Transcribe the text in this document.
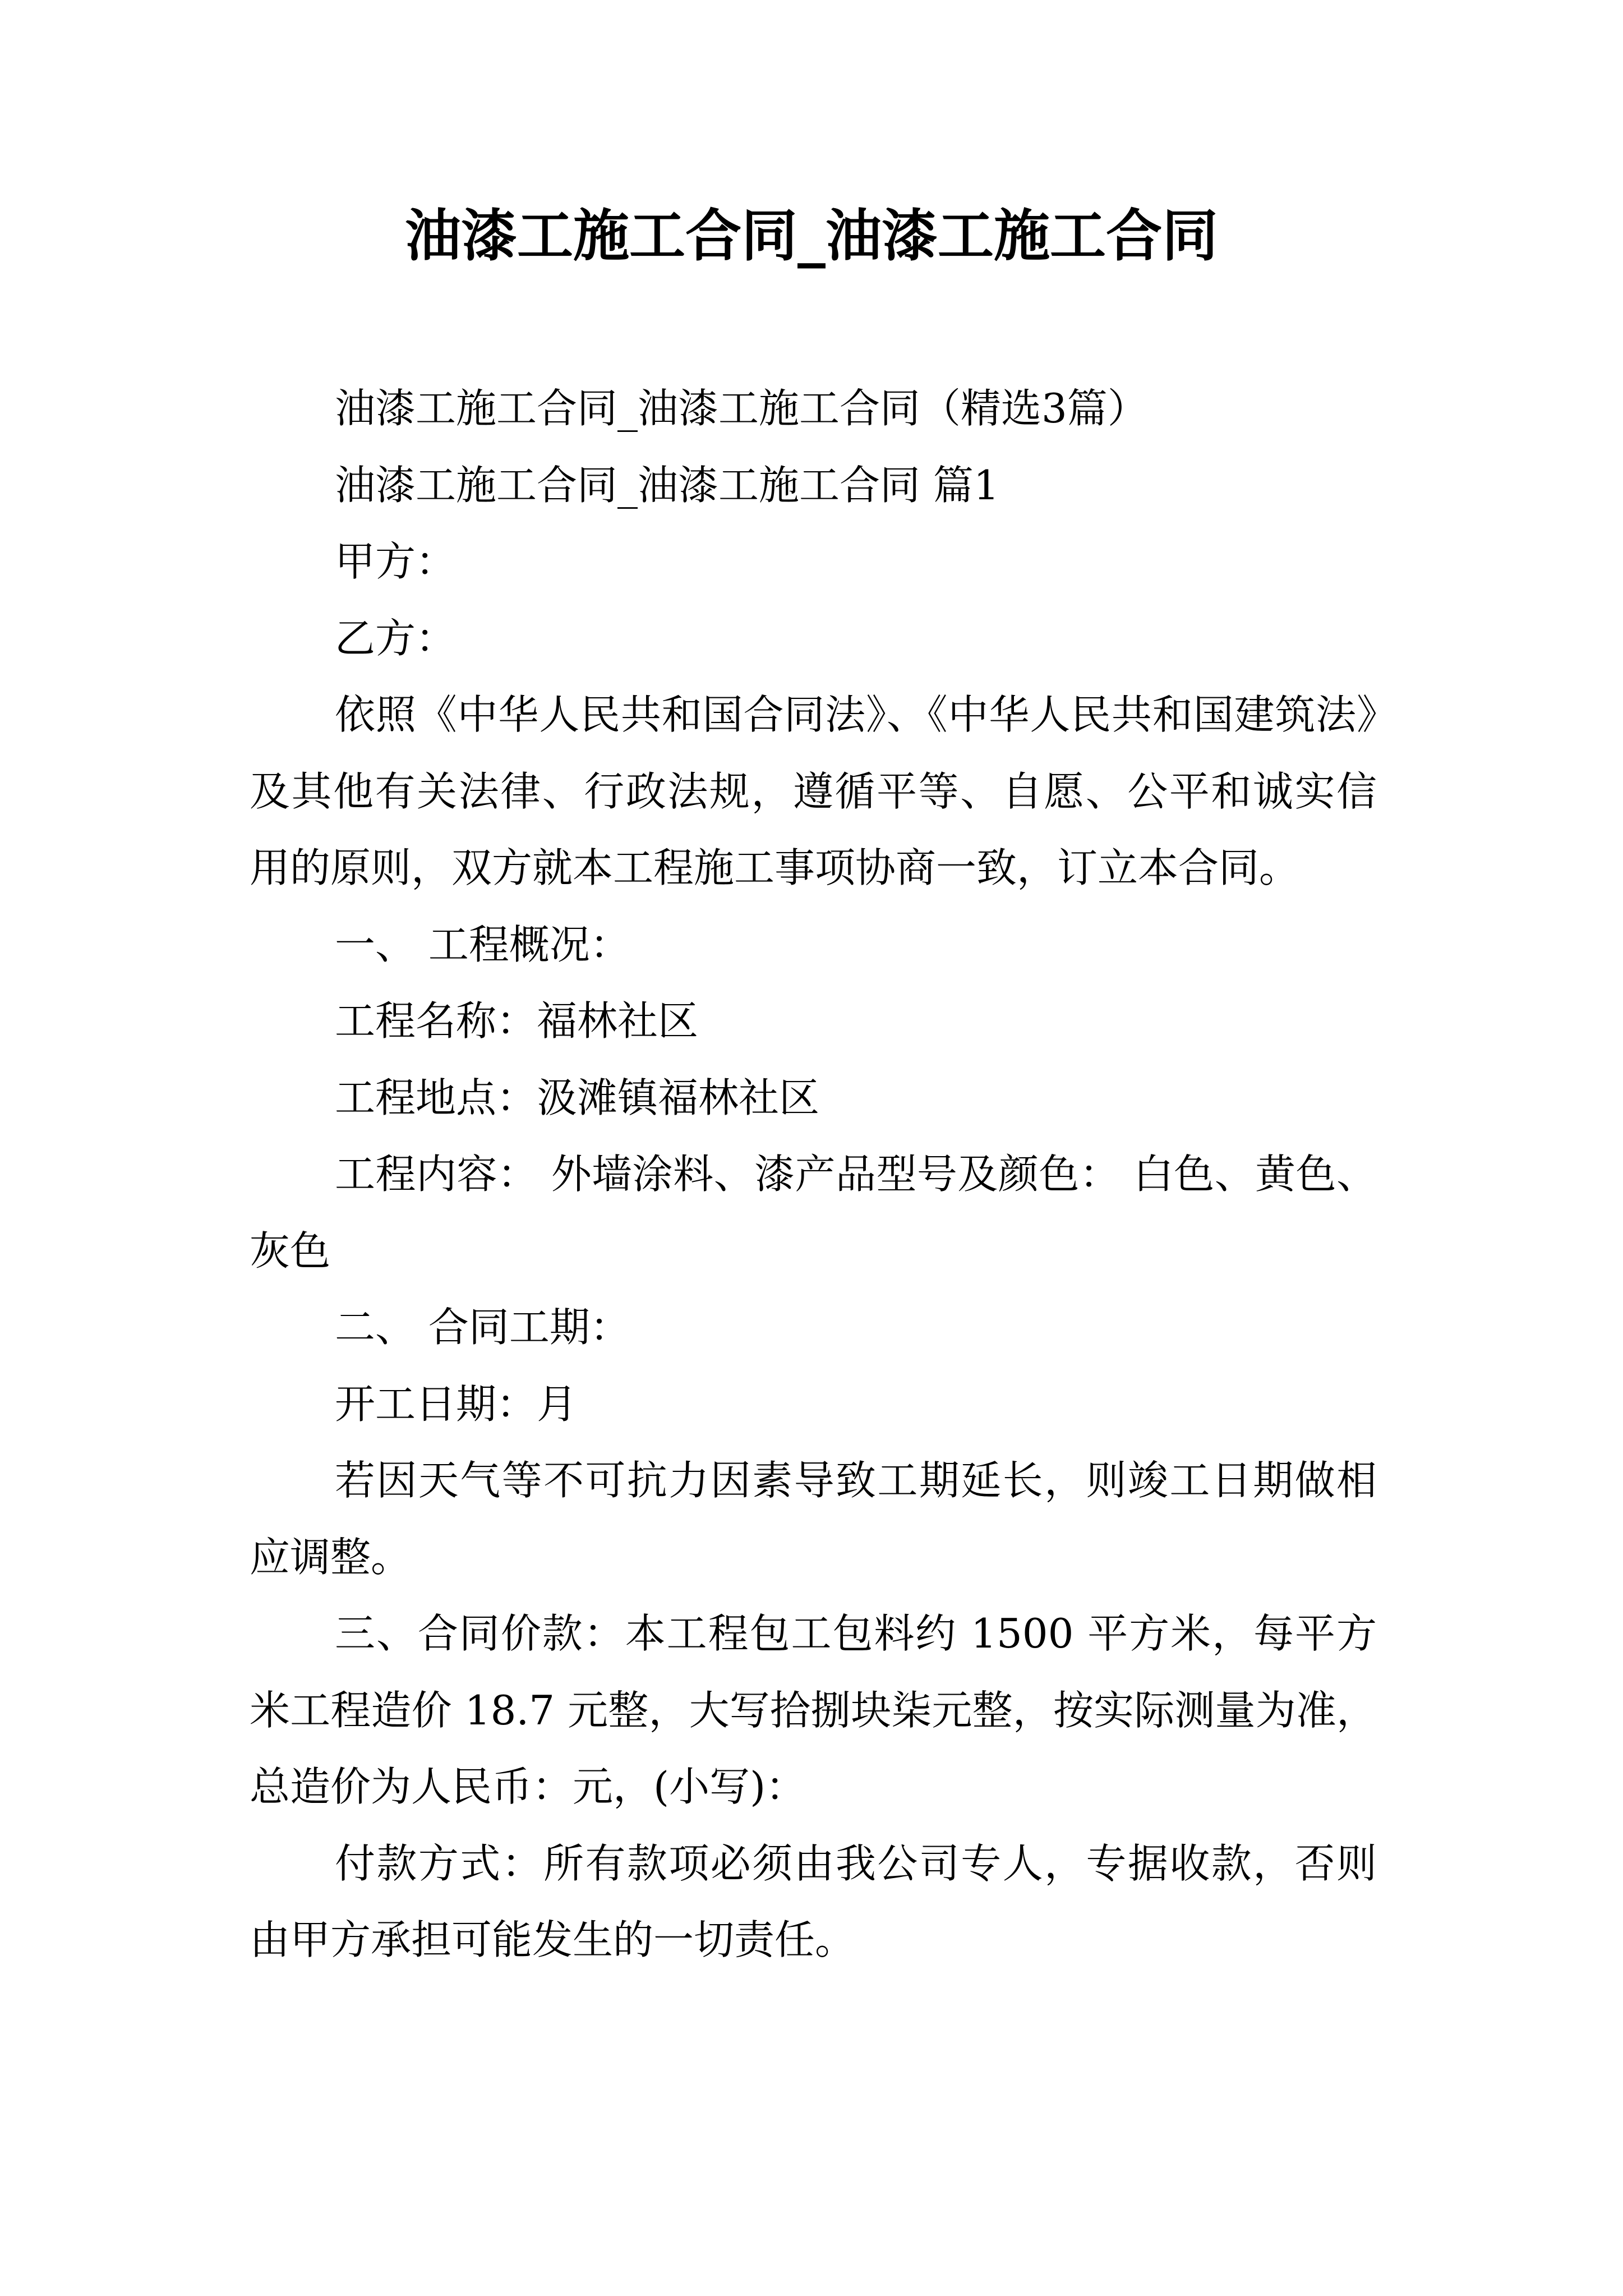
油漆工施工合同_油漆工施工合同

油漆工施工合同_油漆工施工合同（精选3篇）

油漆工施工合同_油漆工施工合同 篇1

甲方：

乙方：

依照《中华人民共和国合同法》、《中华人民共和国建筑法》及其他有关法律、行政法规，遵循平等、自愿、公平和诚实信用的原则，双方就本工程施工事项协商一致，订立本合同。

一、 工程概况：

工程名称：福林社区

工程地点：汲滩镇福林社区

工程内容： 外墙涂料、漆产品型号及颜色： 白色、黄色、灰色

二、 合同工期：

开工日期：月

若因天气等不可抗力因素导致工期延长，则竣工日期做相应调整。

三、合同价款：本工程包工包料约 1500 平方米，每平方米工程造价 18.7 元整，大写拾捌块柒元整，按实际测量为准，总造价为人民币：元，(小写)：

付款方式：所有款项必须由我公司专人，专据收款，否则由甲方承担可能发生的一切责任。
